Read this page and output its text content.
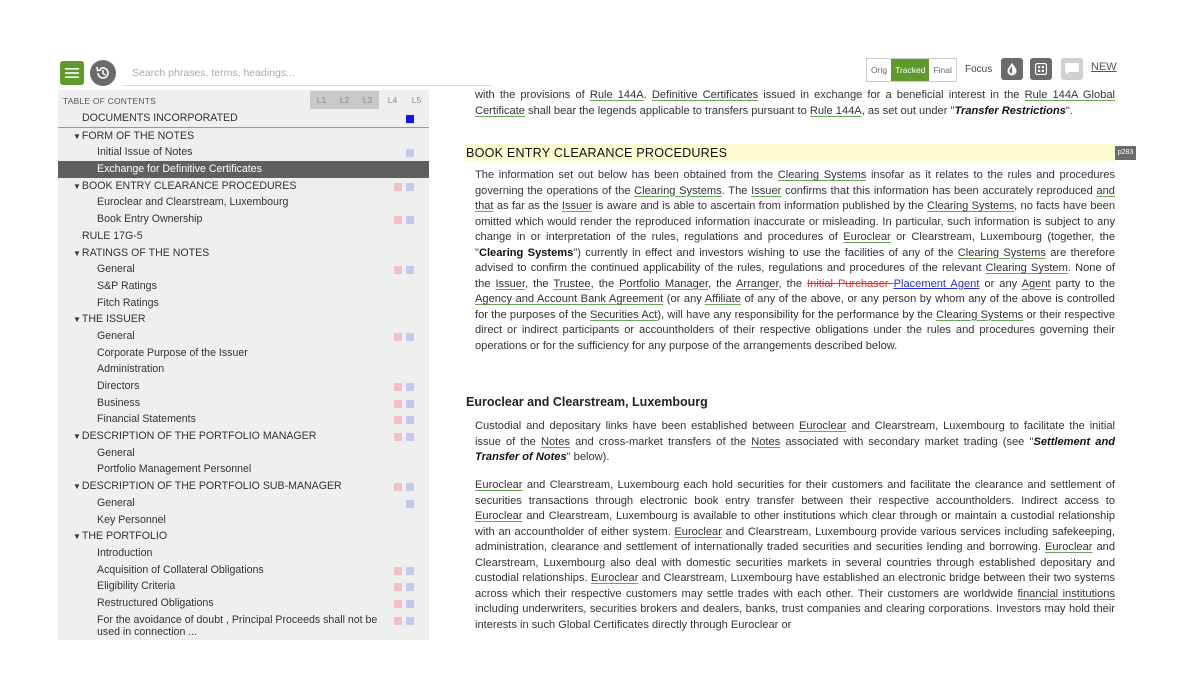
Search phrases, terms, headings...
Orig Tracked Final	Focus	NEW
TABLE OF CONTENTS	L1	L2	L3	L4	L5
DOCUMENTS INCORPORATED
▼FORM OF THE NOTES
Initial Issue of Notes
Exchange for Definitive Certificates
▼BOOK ENTRY CLEARANCE PROCEDURES
Euroclear and Clearstream, Luxembourg
Book Entry Ownership
RULE 17G-5
▼RATINGS OF THE NOTES
General
S&P Ratings
Fitch Ratings
▼THE ISSUER
General
Corporate Purpose of the Issuer
Administration
Directors
Business
Financial Statements
▼DESCRIPTION OF THE PORTFOLIO MANAGER
General
Portfolio Management Personnel
▼DESCRIPTION OF THE PORTFOLIO SUB-MANAGER
General
Key Personnel
▼THE PORTFOLIO
Introduction
Acquisition of Collateral Obligations
Eligibility Criteria
Restructured Obligations
For the avoidance of doubt , Principal Proceeds shall not be used in connection ...

with the provisions of Rule 144A. Definitive Certificates issued in exchange for a beneficial interest in the Rule 144A Global Certificate shall bear the legends applicable to transfers pursuant to Rule 144A, as set out under "Transfer Restrictions".

BOOK ENTRY CLEARANCE PROCEDURES	p283

The information set out below has been obtained from the Clearing Systems insofar as it relates to the rules and procedures governing the operations of the Clearing Systems. The Issuer confirms that this information has been accurately reproduced and that as far as the Issuer is aware and is able to ascertain from information published by the Clearing Systems, no facts have been omitted which would render the reproduced information inaccurate or misleading. In particular, such information is subject to any change in or interpretation of the rules, regulations and procedures of Euroclear or Clearstream, Luxembourg (together, the "Clearing Systems") currently in effect and investors wishing to use the facilities of any of the Clearing Systems are therefore advised to confirm the continued applicability of the rules, regulations and procedures of the relevant Clearing System. None of the Issuer, the Trustee, the Portfolio Manager, the Arranger, the Initial Purchaser Placement Agent or any Agent party to the Agency and Account Bank Agreement (or any Affiliate of any of the above, or any person by whom any of the above is controlled for the purposes of the Securities Act), will have any responsibility for the performance by the Clearing Systems or their respective direct or indirect participants or accountholders of their respective obligations under the rules and procedures governing their operations or for the sufficiency for any purpose of the arrangements described below.

Euroclear and Clearstream, Luxembourg

Custodial and depositary links have been established between Euroclear and Clearstream, Luxembourg to facilitate the initial issue of the Notes and cross-market transfers of the Notes associated with secondary market trading (see "Settlement and Transfer of Notes" below).

Euroclear and Clearstream, Luxembourg each hold securities for their customers and facilitate the clearance and settlement of securities transactions through electronic book entry transfer between their respective accountholders. Indirect access to Euroclear and Clearstream, Luxembourg is available to other institutions which clear through or maintain a custodial relationship with an accountholder of either system. Euroclear and Clearstream, Luxembourg provide various services including safekeeping, administration, clearance and settlement of internationally traded securities and securities lending and borrowing. Euroclear and Clearstream, Luxembourg also deal with domestic securities markets in several countries through established depositary and custodial relationships. Euroclear and Clearstream, Luxembourg have established an electronic bridge between their two systems across which their respective customers may settle trades with each other. Their customers are worldwide financial institutions including underwriters, securities brokers and dealers, banks, trust companies and clearing corporations. Investors may hold their interests in such Global Certificates directly through Euroclear or
